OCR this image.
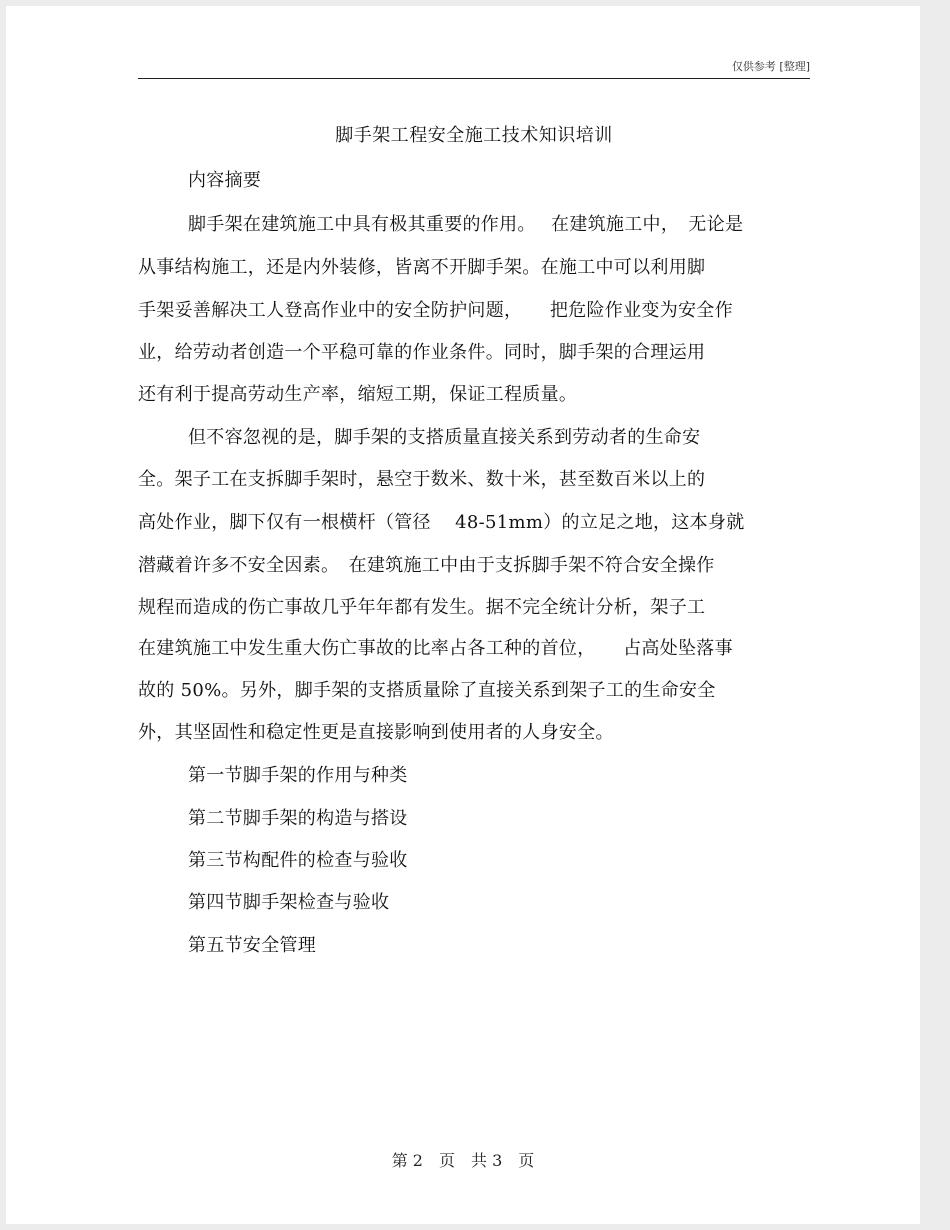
仅供参考 [整理]
脚手架工程安全施工技术知识培训
内容摘要
脚手架在建筑施工中具有极其重要的作用。　 在建筑施工中，　无论是
从事结构施工，还是内外装修，皆离不开脚手架。在施工中可以利用脚
手架妥善解决工人登高作业中的安全防护问题，　　把危险作业变为安全作
业，给劳动者创造一个平稳可靠的作业条件。同时，脚手架的合理运用
还有利于提高劳动生产率，缩短工期，保证工程质量。
但不容忽视的是，脚手架的支搭质量直接关系到劳动者的生命安
全。架子工在支拆脚手架时，悬空于数米、数十米，甚至数百米以上的
高处作业，脚下仅有一根横杆（管径　 48-51mm）的立足之地，这本身就
潜藏着许多不安全因素。　在建筑施工中由于支拆脚手架不符合安全操作
规程而造成的伤亡事故几乎年年都有发生。据不完全统计分析，架子工
在建筑施工中发生重大伤亡事故的比率占各工种的首位，　　占高处坠落事
故的 50%。另外，脚手架的支搭质量除了直接关系到架子工的生命安全
外，其坚固性和稳定性更是直接影响到使用者的人身安全。
第一节脚手架的作用与种类
第二节脚手架的构造与搭设
第三节构配件的检查与验收
第四节脚手架检查与验收
第五节安全管理
第 2　页　共 3　页
